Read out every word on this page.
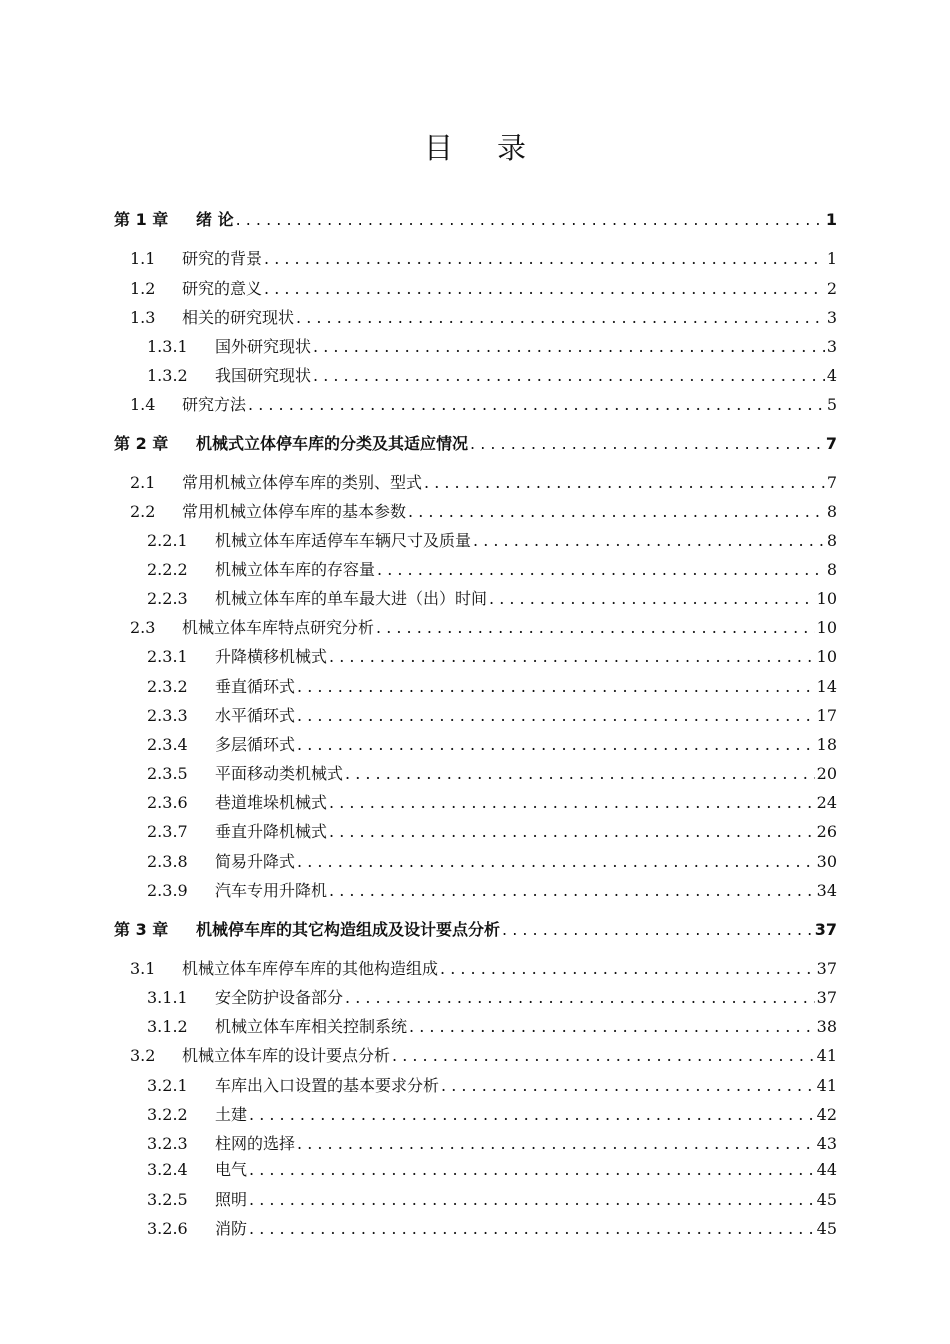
目 录
第 1 章	绪 论 . . .	1
1.1	研究的背景 . . .	1
1.2	研究的意义 . . .	2
1.3	相关的研究现状 . . .	3
1.3.1	国外研究现状 . . .	3
1.3.2	我国研究现状 . . .	4
1.4	研究方法 . . .	5
第 2 章	机械式立体停车库的分类及其适应情况 . . .	7
2.1	常用机械立体停车库的类别、型式 . . .	7
2.2	常用机械立体停车库的基本参数 . . .	8
2.2.1	机械立体车库适停车车辆尺寸及质量 . . .	8
2.2.2	机械立体车库的存容量 . . .	8
2.2.3	机械立体车库的单车最大进（出）时间 . . .	10
2.3	机械立体车库特点研究分析 . . .	10
2.3.1	升降横移机械式 . . .	10
2.3.2	垂直循环式 . . .	14
2.3.3	水平循环式 . . .	17
2.3.4	多层循环式 . . .	18
2.3.5	平面移动类机械式 . . .	20
2.3.6	巷道堆垛机械式 . . .	24
2.3.7	垂直升降机械式 . . .	26
2.3.8	简易升降式 . . .	30
2.3.9	汽车专用升降机 . . .	34
第 3 章	机械停车库的其它构造组成及设计要点分析 . . .	37
3.1	机械立体车库停车库的其他构造组成 . . .	37
3.1.1	安全防护设备部分 . . .	37
3.1.2	机械立体车库相关控制系统 . . .	38
3.2	机械立体车库的设计要点分析 . . .	41
3.2.1	车库出入口设置的基本要求分析 . . .	41
3.2.2	土建 . . .	42
3.2.3	柱网的选择 . . .	43
3.2.4	电气 . . .	44
3.2.5	照明 . . .	45
3.2.6	消防 . . .	45
